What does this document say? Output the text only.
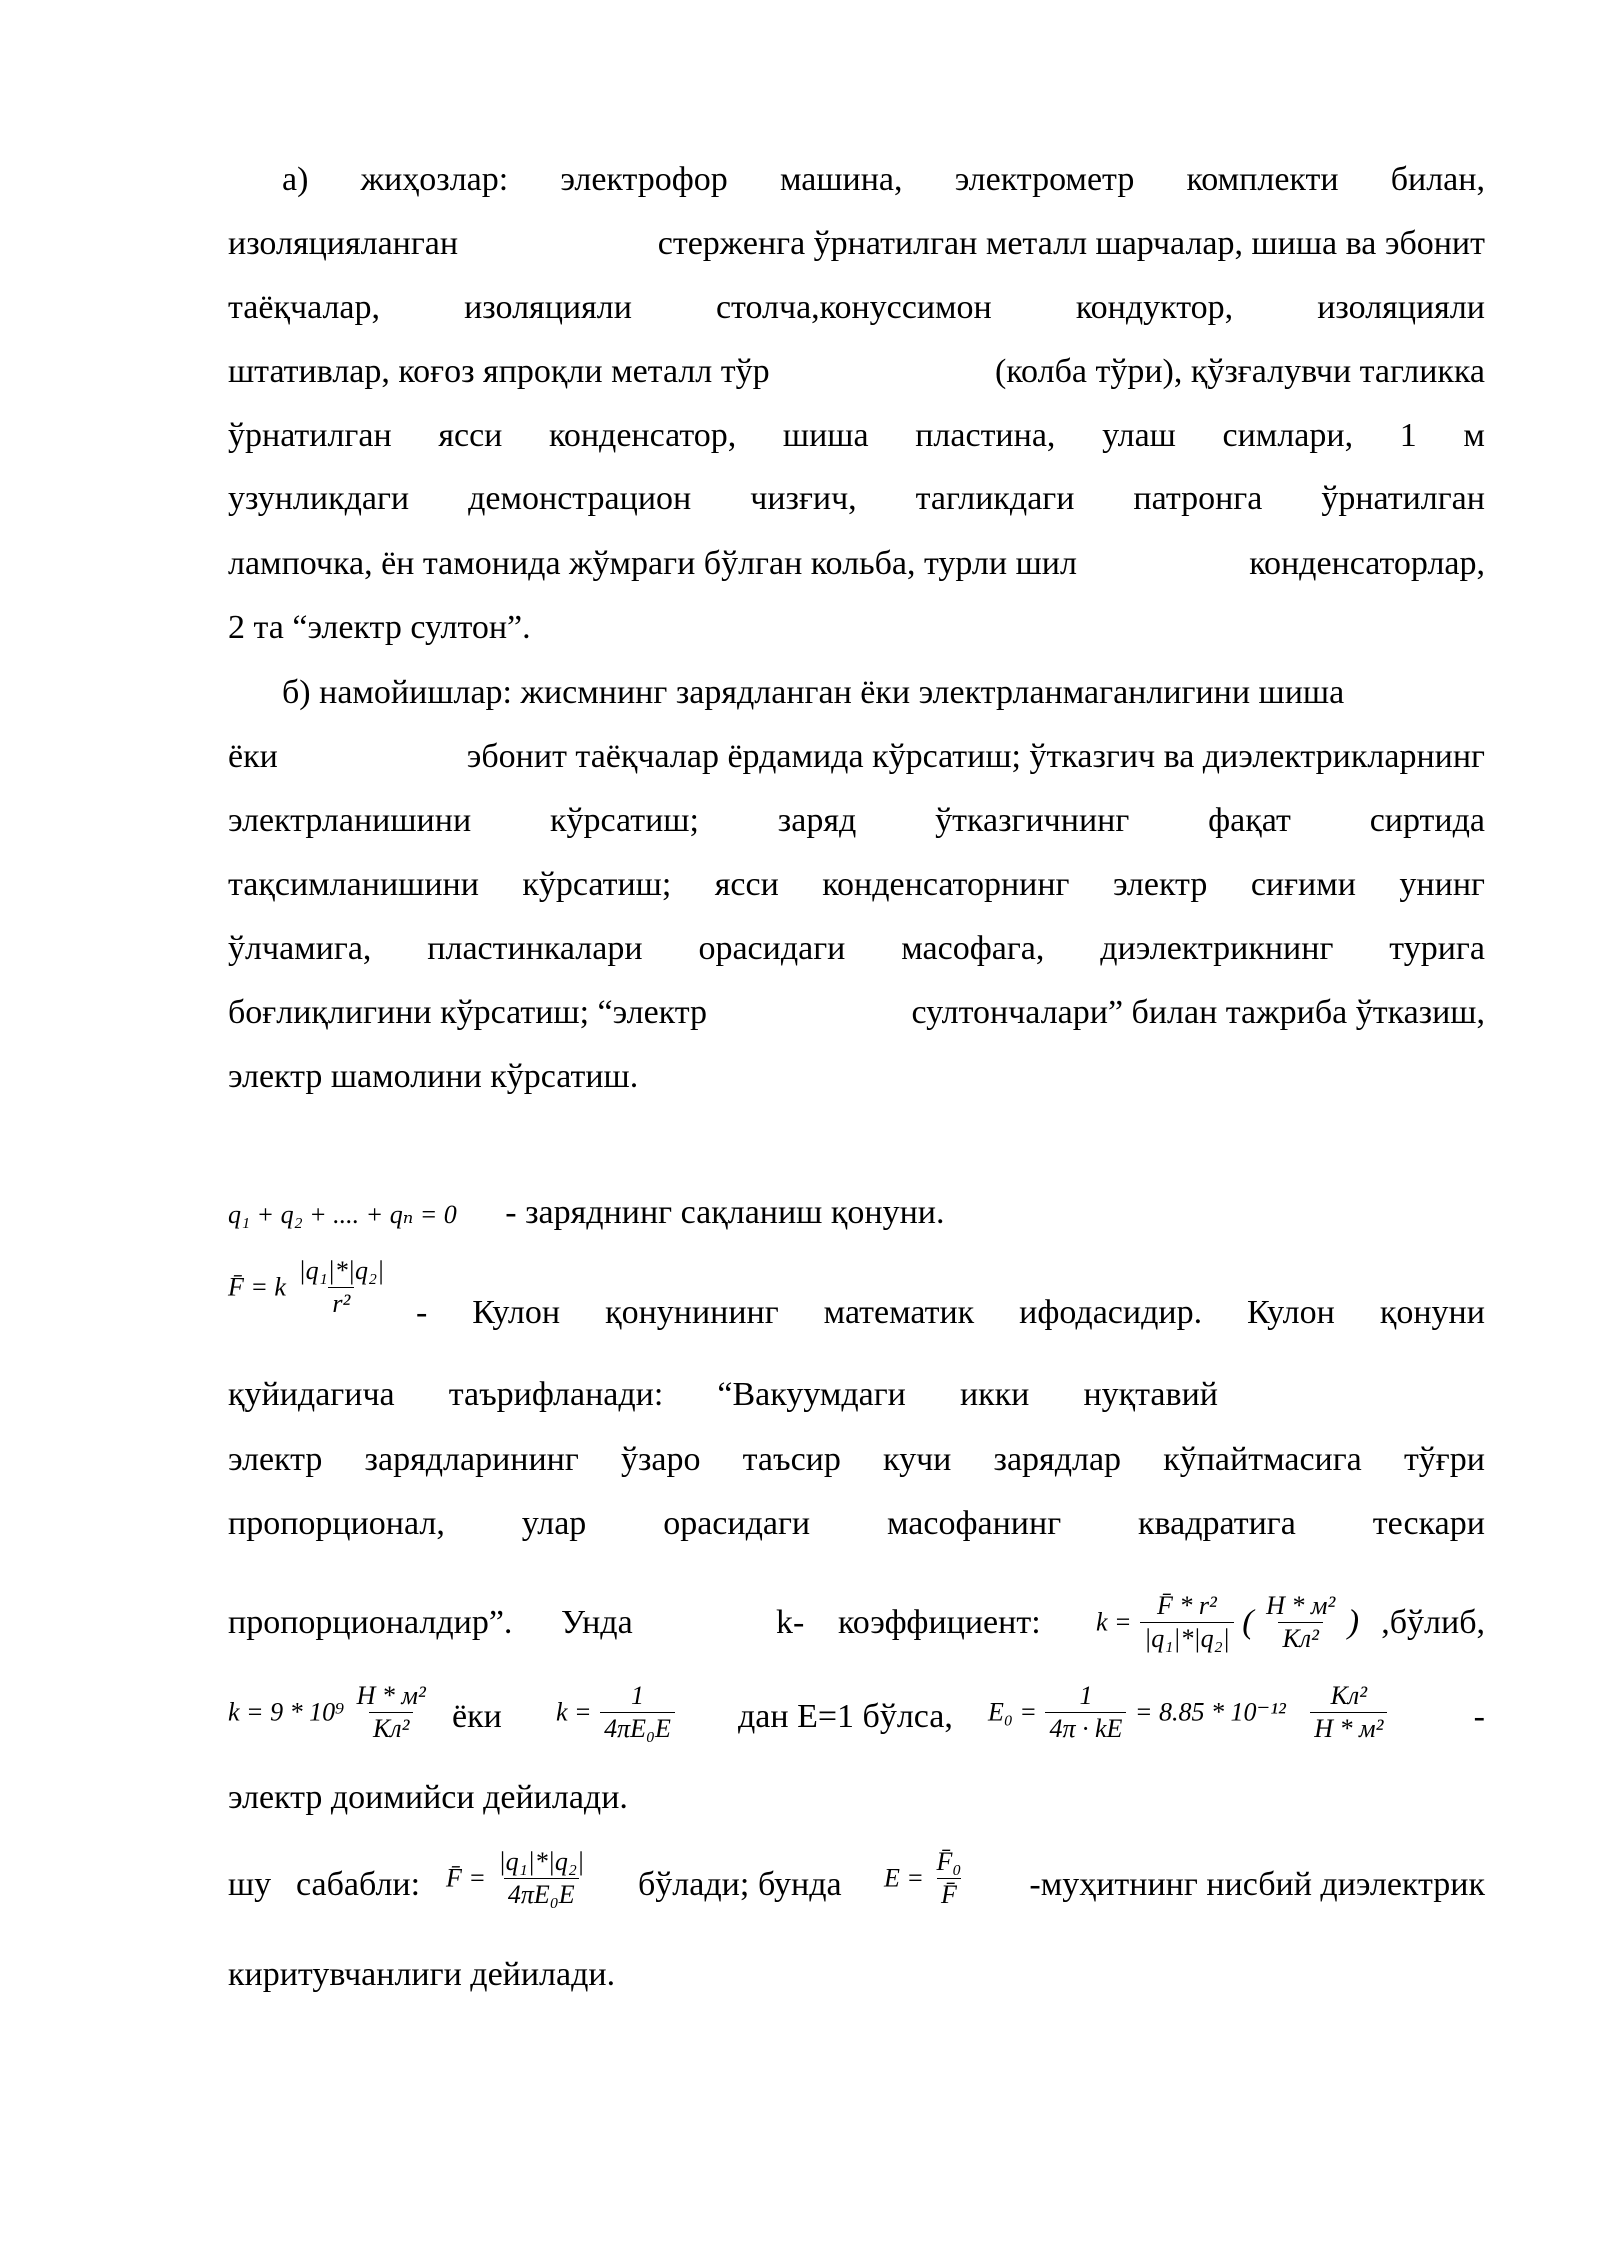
а) жиҳозлар: электрофор машина, электрометр комплекти билан,
изоляцияланган	стерженга ўрнатилган металл шарчалар, шиша ва эбонит
таёқчалар, изоляцияли столча,конуссимон кондуктор, изоляцияли
штативлар, коғоз япроқли металл тўр	(колба тўри), қўзғалувчи тагликка
ўрнатилган ясси конденсатор, шиша пластина, улаш симлари, 1 м
узунликдаги демонстрацион чизғич, тагликдаги патронга ўрнатилган
лампочка, ён тамонида жўмраги бўлган кольба, турли шил	конденсаторлар,
2 та “электр султон”.
б) намойишлар: жисмнинг зарядланган ёки электрланмаганлигини шиша
ёки	эбонит таёқчалар ёрдамида кўрсатиш; ўтказгич ва диэлектрикларнинг
электрланишини кўрсатиш; заряд ўтказгичнинг фақат сиртида
тақсимланишини кўрсатиш; ясси конденсаторнинг электр сиғими унинг
ўлчамига, пластинкалари орасидаги масофага, диэлектрикнинг турига
боғлиқлигини кўрсатиш; “электр	султончалари” билан тажриба ўтказиш,
электр шамолини кўрсатиш.
q₁ + q₂ + .... + qₙ = 0 - заряднинг сақланиш қонуни.
F̄ = k $\frac{\text{|q₁|*|q₂|}}{\text{r²}}$ - Кулон қонунининг математик ифодасидир. Кулон қонуни
қуйидагича таърифланади: “Вакуумдаги икки нуқтавий
электр зарядларининг ўзаро таъсир кучи зарядлар кўпайтмасига тўғри
пропорционал, улар орасидаги масофанинг квадратига тескари
пропорционалдир”. Унда	k- коэффициент: $k = \frac{\text{F̄ * r²}}{\text{|q₁|*|q₂|}}$ ( $\frac{\text{H * м²}}{\text{Кл²}}$ ) ,бўлиб,
$k = 9 * 10^9 \frac{\text{H * м²}}{\text{Кл²}}$ ёки $k = \frac{1}{\text{4πE₀E}}$ дан E=1 бўлса, $E_0 = \frac{1}{4\pi \cdot kE} = 8.85 * 10^{-12} \frac{\text{Кл²}}{\text{H * м²}}$	-
электр доимийси дейилади.
шу сабабли: F̄ = $\frac{\text{|q₁|*|q₂|}}{\text{4πE₀E}}$ бўлади; бунда $E = \frac{\text{F̄₀}}{F̄}$ -муҳитнинг нисбий диэлектрик
киритувчанлиги дейилади.
